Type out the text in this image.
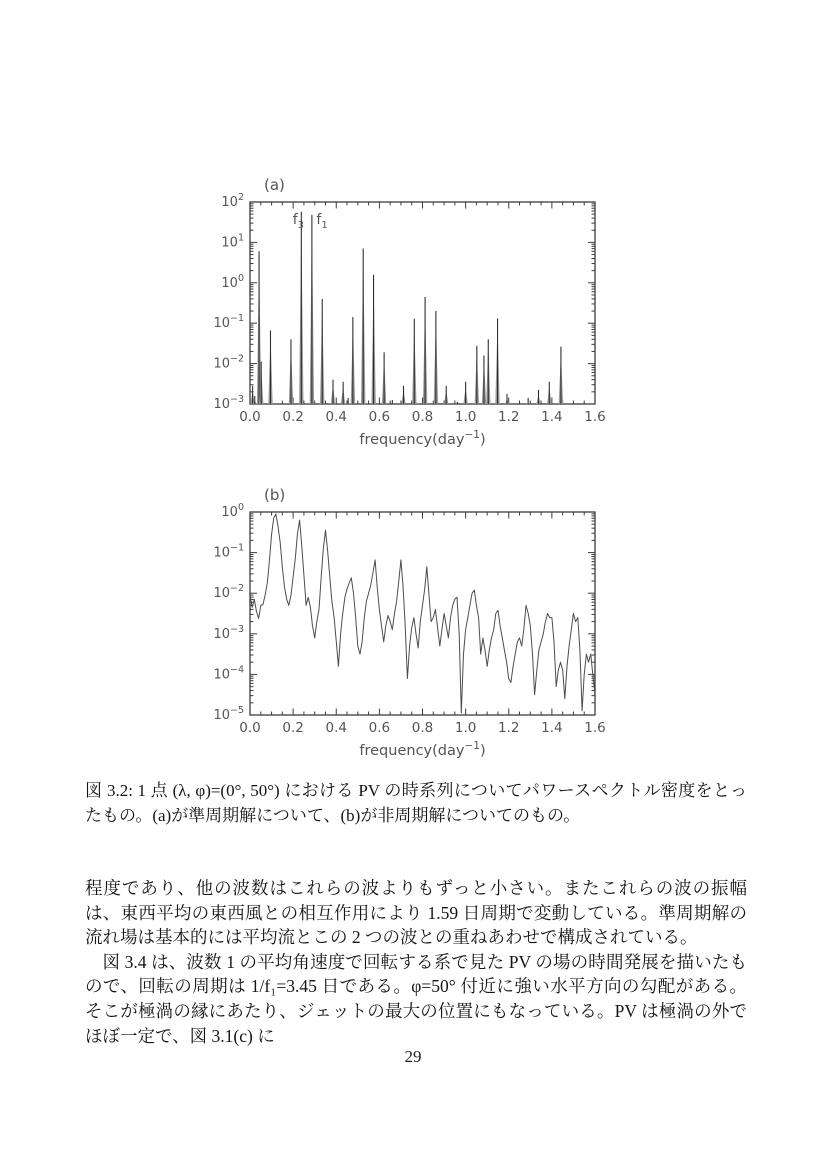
0.0 0.2 0.4 0.6 0.8 1.0 1.2 1.4 1.6
$10^2$
$10^1$
$10^0$
$10^{-1}$
$10^{-2}$
$10^{-3}$
$f_3$ $f_1$
(a)
frequency(day$^{-1}$)
0.0 0.2 0.4 0.6 0.8 1.0 1.2 1.4 1.6
$10^0$
$10^{-1}$
$10^{-2}$
$10^{-3}$
$10^{-4}$
$10^{-5}$
(b)
frequency(day$^{-1}$)

図 3.2: 1 点 (λ, φ)=(0°, 50°) における PV の時系列についてパワースペクトル密度をとったもの。(a)が準周期解について、(b)が非周期解についてのもの。

程度であり、他の波数はこれらの波よりもずっと小さい。またこれらの波の振幅は、東西平均の東西風との相互作用により 1.59 日周期で変動している。準周期解の流れ場は基本的には平均流とこの 2 つの波との重ねあわせで構成されている。

図 3.4 は、波数 1 の平均角速度で回転する系で見た PV の場の時間発展を描いたもので、回転の周期は 1/f₁=3.45 日である。φ=50° 付近に強い水平方向の勾配がある。そこが極渦の縁にあたり、ジェットの最大の位置にもなっている。PV は極渦の外でほぼ一定で、図 3.1(c) に

29
